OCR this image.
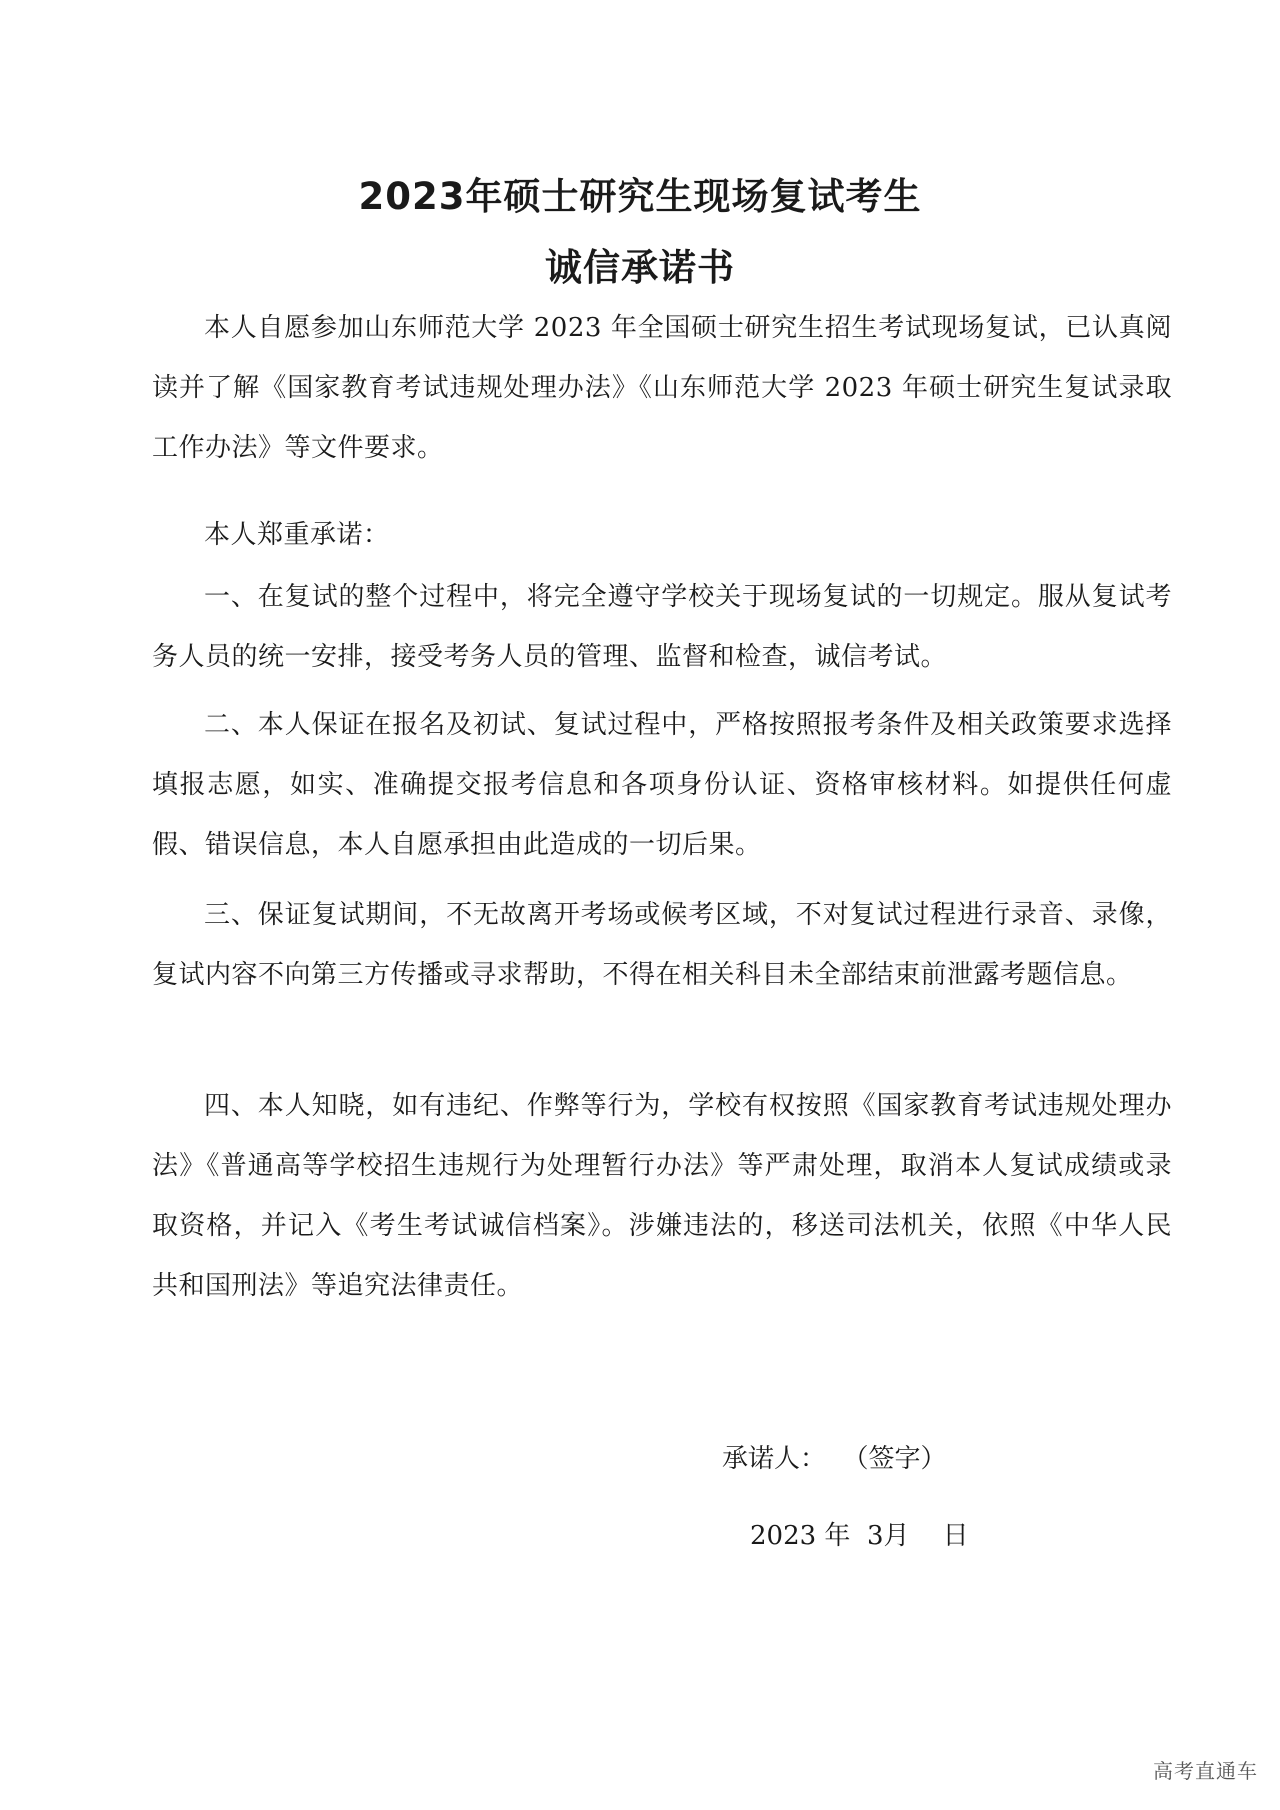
2023年硕士研究生现场复试考生
诚信承诺书

本人自愿参加山东师范大学 2023 年全国硕士研究生招生考试现场复试，已认真阅读并了解《国家教育考试违规处理办法》《山东师范大学 2023 年硕士研究生复试录取工作办法》等文件要求。

本人郑重承诺：

一、在复试的整个过程中，将完全遵守学校关于现场复试的一切规定。服从复试考务人员的统一安排，接受考务人员的管理、监督和检查，诚信考试。

二、本人保证在报名及初试、复试过程中，严格按照报考条件及相关政策要求选择填报志愿，如实、准确提交报考信息和各项身份认证、资格审核材料。如提供任何虚假、错误信息，本人自愿承担由此造成的一切后果。

三、保证复试期间，不无故离开考场或候考区域，不对复试过程进行录音、录像，复试内容不向第三方传播或寻求帮助，不得在相关科目未全部结束前泄露考题信息。

四、本人知晓，如有违纪、作弊等行为，学校有权按照《国家教育考试违规处理办法》《普通高等学校招生违规行为处理暂行办法》等严肃处理，取消本人复试成绩或录取资格，并记入《考生考试诚信档案》。涉嫌违法的，移送司法机关，依照《中华人民共和国刑法》等追究法律责任。

承诺人：  （签字）

2023 年  3月    日

高考直通车
